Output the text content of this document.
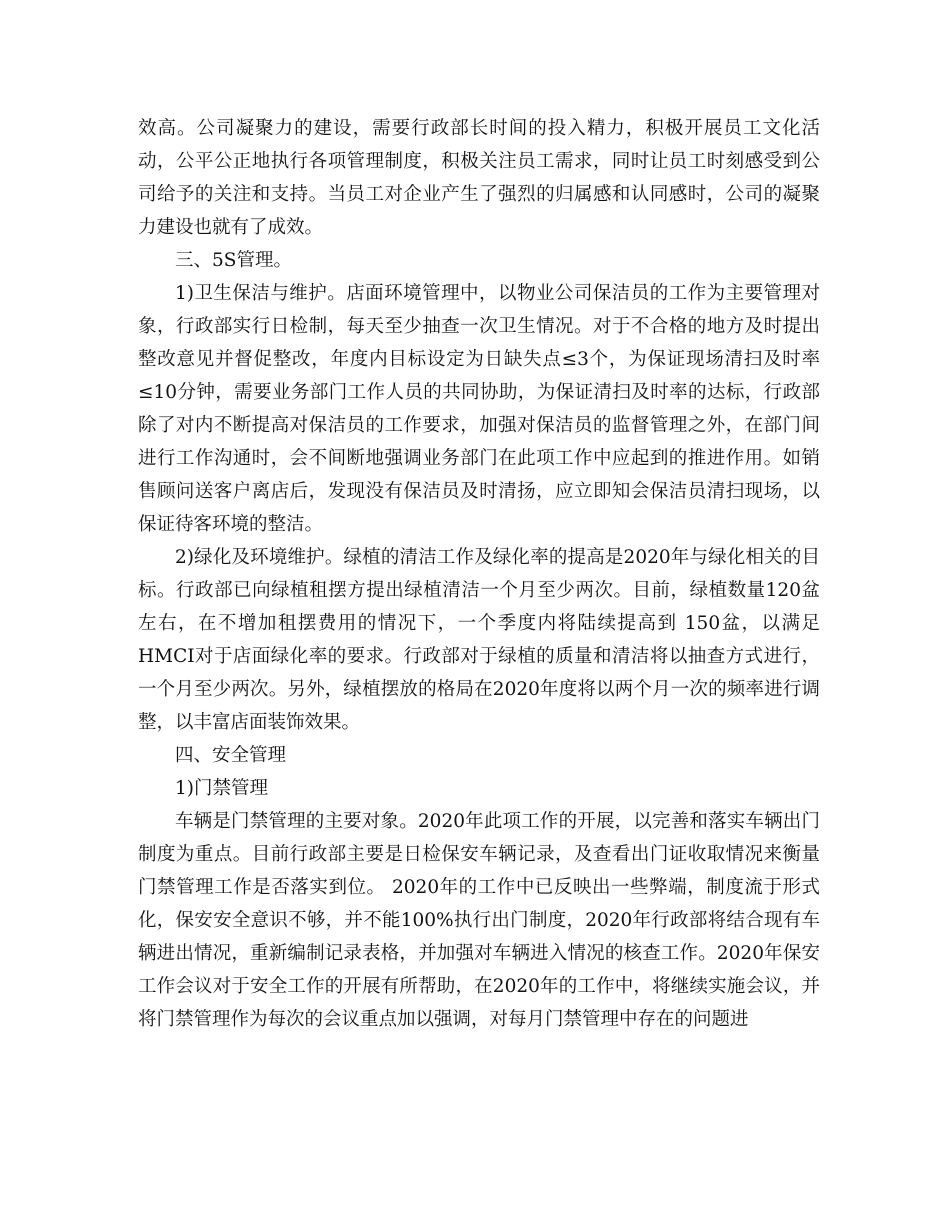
效高。公司凝聚力的建设，需要行政部长时间的投入精力，积极开展员工文化活动，公平公正地执行各项管理制度，积极关注员工需求，同时让员工时刻感受到公司给予的关注和支持。当员工对企业产生了强烈的归属感和认同感时，公司的凝聚力建设也就有了成效。

三、5S管理。

1)卫生保洁与维护。店面环境管理中，以物业公司保洁员的工作为主要管理对象，行政部实行日检制，每天至少抽查一次卫生情况。对于不合格的地方及时提出整改意见并督促整改，年度内目标设定为日缺失点≤3个，为保证现场清扫及时率≤10分钟，需要业务部门工作人员的共同协助，为保证清扫及时率的达标，行政部除了对内不断提高对保洁员的工作要求，加强对保洁员的监督管理之外，在部门间进行工作沟通时，会不间断地强调业务部门在此项工作中应起到的推进作用。如销售顾问送客户离店后，发现没有保洁员及时清扬，应立即知会保洁员清扫现场，以保证待客环境的整洁。

2)绿化及环境维护。绿植的清洁工作及绿化率的提高是2020年与绿化相关的目标。行政部已向绿植租摆方提出绿植清洁一个月至少两次。目前，绿植数量120盆左右，在不增加租摆费用的情况下，一个季度内将陆续提高到 150盆，以满足HMCI对于店面绿化率的要求。行政部对于绿植的质量和清洁将以抽查方式进行，一个月至少两次。另外，绿植摆放的格局在2020年度将以两个月一次的频率进行调整，以丰富店面装饰效果。

四、安全管理

1)门禁管理

车辆是门禁管理的主要对象。2020年此项工作的开展，以完善和落实车辆出门制度为重点。目前行政部主要是日检保安车辆记录，及查看出门证收取情况来衡量门禁管理工作是否落实到位。 2020年的工作中已反映出一些弊端，制度流于形式化，保安安全意识不够，并不能100%执行出门制度，2020年行政部将结合现有车辆进出情况，重新编制记录表格，并加强对车辆进入情况的核查工作。2020年保安工作会议对于安全工作的开展有所帮助，在2020年的工作中，将继续实施会议，并将门禁管理作为每次的会议重点加以强调，对每月门禁管理中存在的问题进
